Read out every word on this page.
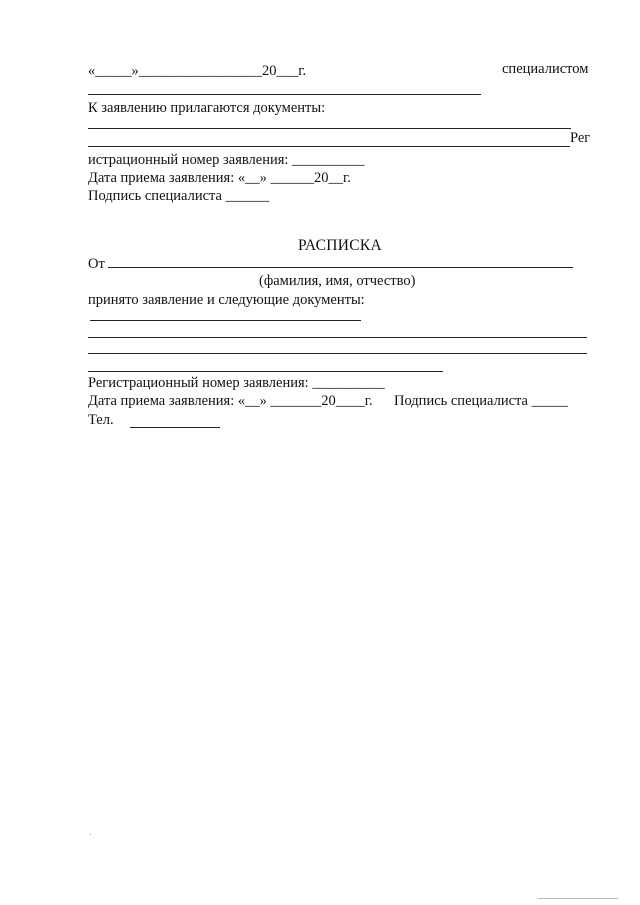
«_____»_________________20___г.	специалистом
К заявлению прилагаются документы:
Рег
истрационный номер заявления: __________
Дата приема заявления: «__» ______20__г.
Подпись специалиста ______
РАСПИСКА
От
(фамилия, имя, отчество)
принято заявление и следующие документы:
Регистрационный номер заявления: __________
Дата приема заявления: «__» _______20____г. Подпись специалиста _____
Тел.
